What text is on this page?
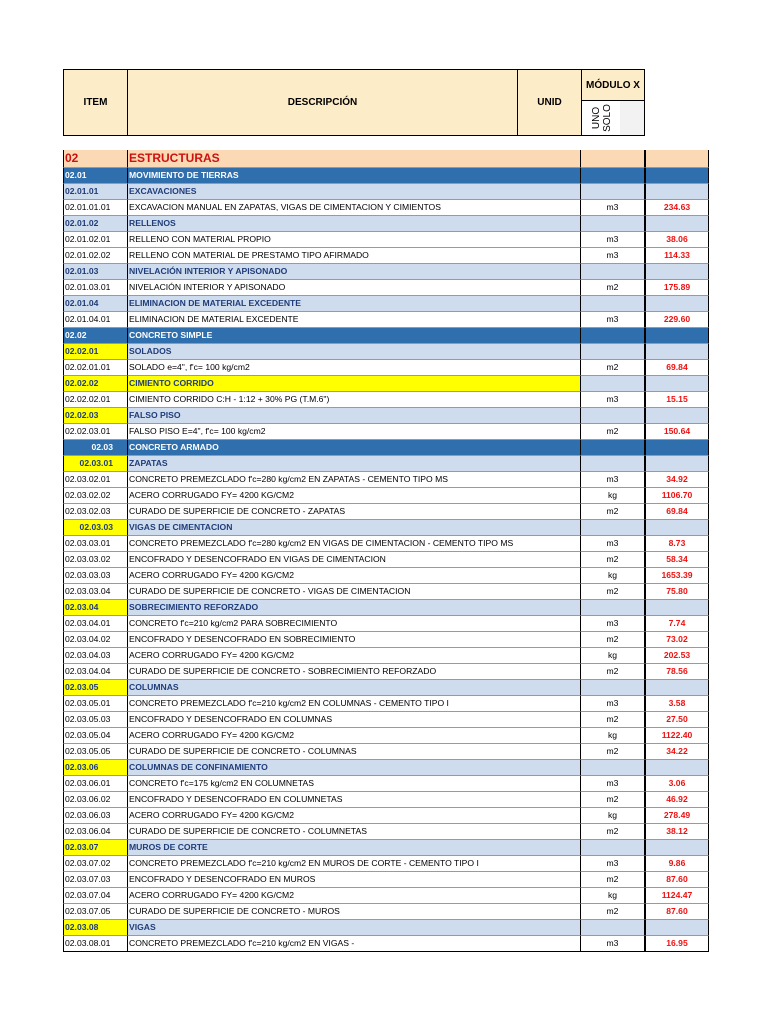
ITEM	DESCRIPCIÓN	UNID
MÓDULO X
UNO SOLO
02	ESTRUCTURAS
02.01	MOVIMIENTO DE TIERRAS
02.01.01	EXCAVACIONES
02.01.01.01	EXCAVACION MANUAL EN ZAPATAS, VIGAS DE CIMENTACION Y CIMIENTOS	m3	234.63
02.01.02	RELLENOS
02.01.02.01	RELLENO CON MATERIAL PROPIO	m3	38.06
02.01.02.02	RELLENO CON MATERIAL DE PRESTAMO TIPO AFIRMADO	m3	114.33
02.01.03	NIVELACIÓN INTERIOR Y APISONADO
02.01.03.01	NIVELACIÓN INTERIOR Y APISONADO	m2	175.89
02.01.04	ELIMINACION DE MATERIAL EXCEDENTE
02.01.04.01	ELIMINACION DE MATERIAL EXCEDENTE	m3	229.60
02.02	CONCRETO SIMPLE
02.02.01	SOLADOS
02.02.01.01	SOLADO e=4", f'c= 100 kg/cm2	m2	69.84
02.02.02	CIMIENTO CORRIDO
02.02.02.01	CIMIENTO CORRIDO C:H - 1:12 + 30% PG (T.M.6")	m3	15.15
02.02.03	FALSO PISO
02.02.03.01	FALSO PISO E=4", f'c= 100 kg/cm2	m2	150.64
02.03	CONCRETO ARMADO
02.03.01	ZAPATAS
02.03.02.01	CONCRETO PREMEZCLADO f'c=280 kg/cm2 EN ZAPATAS - CEMENTO TIPO MS	m3	34.92
02.03.02.02	ACERO CORRUGADO FY= 4200 KG/CM2	kg	1106.70
02.03.02.03	CURADO DE SUPERFICIE DE CONCRETO - ZAPATAS	m2	69.84
02.03.03	VIGAS DE CIMENTACION
02.03.03.01	CONCRETO PREMEZCLADO f'c=280 kg/cm2 EN VIGAS DE CIMENTACION - CEMENTO TIPO MS	m3	8.73
02.03.03.02	ENCOFRADO Y DESENCOFRADO EN VIGAS DE CIMENTACION	m2	58.34
02.03.03.03	ACERO CORRUGADO FY= 4200 KG/CM2	kg	1653.39
02.03.03.04	CURADO DE SUPERFICIE DE CONCRETO - VIGAS DE CIMENTACION	m2	75.80
02.03.04	SOBRECIMIENTO REFORZADO
02.03.04.01	CONCRETO f'c=210 kg/cm2 PARA SOBRECIMIENTO	m3	7.74
02.03.04.02	ENCOFRADO Y DESENCOFRADO EN SOBRECIMIENTO	m2	73.02
02.03.04.03	ACERO CORRUGADO FY= 4200 KG/CM2	kg	202.53
02.03.04.04	CURADO DE SUPERFICIE DE CONCRETO - SOBRECIMIENTO REFORZADO	m2	78.56
02.03.05	COLUMNAS
02.03.05.01	CONCRETO PREMEZCLADO f'c=210 kg/cm2 EN COLUMNAS - CEMENTO TIPO I	m3	3.58
02.03.05.03	ENCOFRADO Y DESENCOFRADO EN COLUMNAS	m2	27.50
02.03.05.04	ACERO CORRUGADO FY= 4200 KG/CM2	kg	1122.40
02.03.05.05	CURADO DE SUPERFICIE DE CONCRETO - COLUMNAS	m2	34.22
02.03.06	COLUMNAS DE CONFINAMIENTO
02.03.06.01	CONCRETO f'c=175 kg/cm2 EN COLUMNETAS	m3	3.06
02.03.06.02	ENCOFRADO Y DESENCOFRADO EN COLUMNETAS	m2	46.92
02.03.06.03	ACERO CORRUGADO FY= 4200 KG/CM2	kg	278.49
02.03.06.04	CURADO DE SUPERFICIE DE CONCRETO - COLUMNETAS	m2	38.12
02.03.07	MUROS DE CORTE
02.03.07.02	CONCRETO PREMEZCLADO f'c=210 kg/cm2 EN MUROS DE CORTE - CEMENTO TIPO I	m3	9.86
02.03.07.03	ENCOFRADO Y DESENCOFRADO EN MUROS	m2	87.60
02.03.07.04	ACERO CORRUGADO FY= 4200 KG/CM2	kg	1124.47
02.03.07.05	CURADO DE SUPERFICIE DE CONCRETO - MUROS	m2	87.60
02.03.08	VIGAS
02.03.08.01	CONCRETO PREMEZCLADO f'c=210 kg/cm2 EN VIGAS -	m3	16.95
